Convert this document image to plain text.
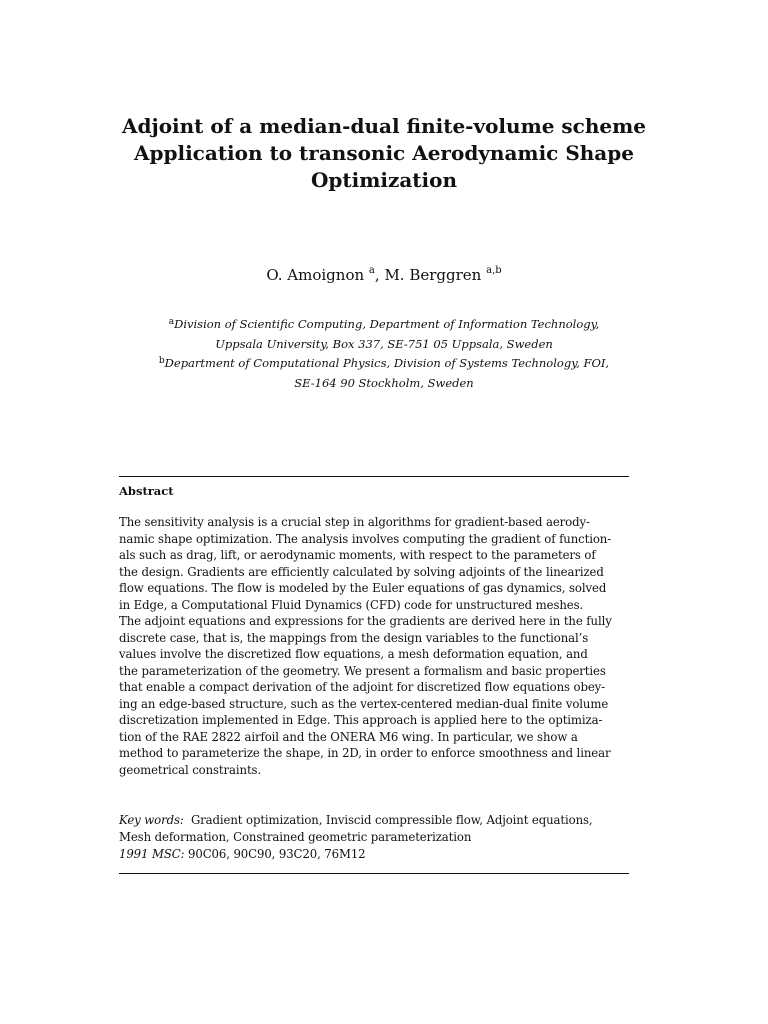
Adjoint of a median-dual finite-volume scheme
Application to transonic Aerodynamic Shape
Optimization
O. Amoignon $^a$, M. Berggren $^{a,b}$
$^a$Division of Scientific Computing, Department of Information Technology,
Uppsala University, Box 337, SE-751 05 Uppsala, Sweden
$^b$Department of Computational Physics, Division of Systems Technology, FOI,
SE-164 90 Stockholm, Sweden
Abstract
The sensitivity analysis is a crucial step in algorithms for gradient-based aerody-
namic shape optimization. The analysis involves computing the gradient of function-
als such as drag, lift, or aerodynamic moments, with respect to the parameters of
the design. Gradients are efficiently calculated by solving adjoints of the linearized
flow equations. The flow is modeled by the Euler equations of gas dynamics, solved
in Edge, a Computational Fluid Dynamics (CFD) code for unstructured meshes.
The adjoint equations and expressions for the gradients are derived here in the fully
discrete case, that is, the mappings from the design variables to the functional’s
values involve the discretized flow equations, a mesh deformation equation, and
the parameterization of the geometry. We present a formalism and basic properties
that enable a compact derivation of the adjoint for discretized flow equations obey-
ing an edge-based structure, such as the vertex-centered median-dual finite volume
discretization implemented in Edge. This approach is applied here to the optimiza-
tion of the RAE 2822 airfoil and the ONERA M6 wing. In particular, we show a
method to parameterize the shape, in 2D, in order to enforce smoothness and linear
geometrical constraints.
Key words: Gradient optimization, Inviscid compressible flow, Adjoint equations,
Mesh deformation, Constrained geometric parameterization
1991 MSC: 90C06, 90C90, 93C20, 76M12
